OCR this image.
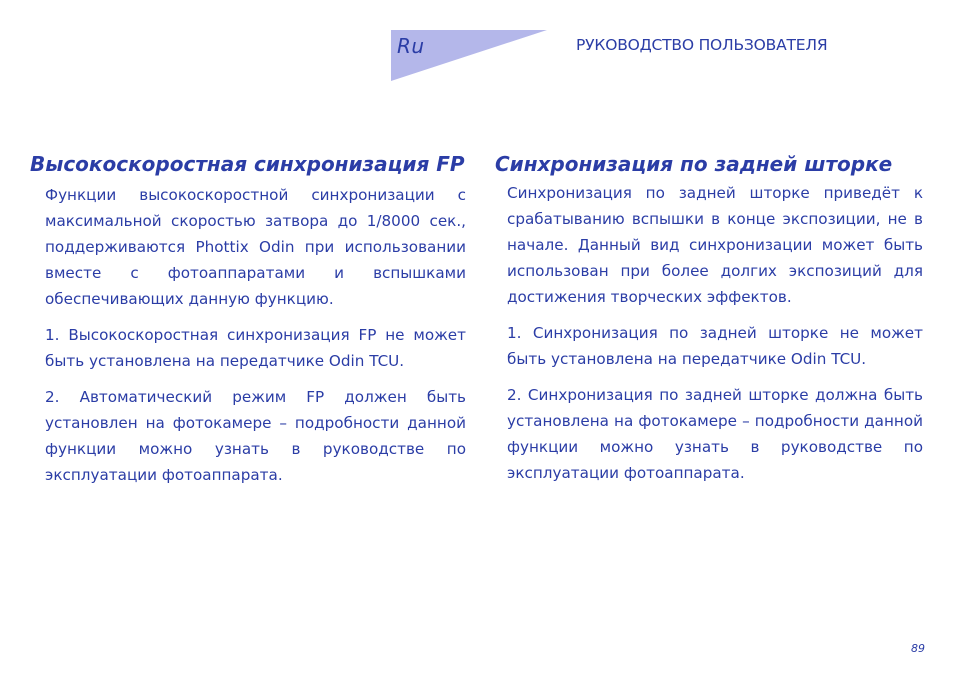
Ru	РУКОВОДСТВО ПОЛЬЗОВАТЕЛЯ
Высокоскоростная синхронизация FP

Функции высокоскоростной синхронизации с максимальной скоростью затвора до 1/8000 сек., поддерживаются Phottix Odin при использовании вместе с фотоаппаратами и вспышками обеспечивающих данную функцию.

1. Высокоскоростная синхронизация FP не может быть установлена на передатчике Odin TCU.

2. Автоматический режим FP должен быть установлен на фотокамере – подробности данной функции можно узнать в руководстве по эксплуатации фотоаппарата.

Синхронизация по задней шторке

Синхронизация по задней шторке приведёт к срабатыванию вспышки в конце экспозиции, не в начале. Данный вид синхронизации может быть использован при более долгих экспозиций для достижения творческих эффектов.

1. Синхронизация по задней шторке не может быть установлена на передатчике Odin TCU.

2. Синхронизация по задней шторке должна быть установлена на фотокамере – подробности данной функции можно узнать в руководстве по эксплуатации фотоаппарата.

89
